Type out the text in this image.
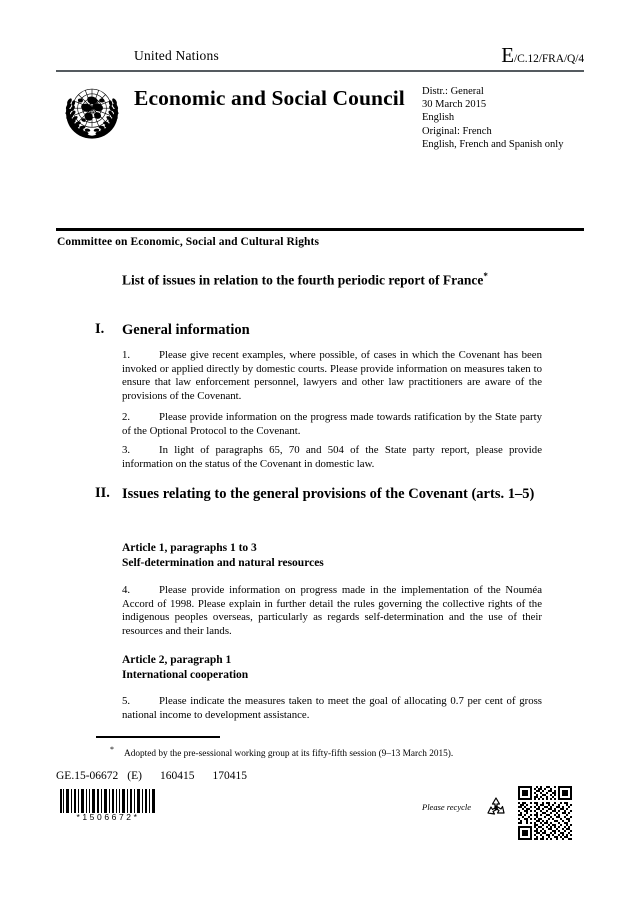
United Nations	E/C.12/FRA/Q/4
Economic and Social Council Distr.: General
30 March 2015
English
Original: French
English, French and Spanish only
Committee on Economic, Social and Cultural Rights
List of issues in relation to the fourth periodic report of France*
I. General information
1.	Please give recent examples, where possible, of cases in which the Covenant has been invoked or applied directly by domestic courts. Please provide information on measures taken to ensure that law enforcement personnel, lawyers and other law practitioners are aware of the provisions of the Covenant.
2.	Please provide information on the progress made towards ratification by the State party of the Optional Protocol to the Covenant.
3.	In light of paragraphs 65, 70 and 504 of the State party report, please provide information on the status of the Covenant in domestic law.
II. Issues relating to the general provisions of the Covenant (arts. 1–5)
Article 1, paragraphs 1 to 3
Self-determination and natural resources
4.	Please provide information on progress made in the implementation of the Nouméa Accord of 1998. Please explain in further detail the rules governing the collective rights of the indigenous peoples overseas, particularly as regards self-determination and the use of their resources and their lands.
Article 2, paragraph 1
International cooperation
5.	Please indicate the measures taken to meet the goal of allocating 0.7 per cent of gross national income to development assistance.
* Adopted by the pre-sessional working group at its fifty-fifth session (9–13 March 2015).
GE.15-06672 (E) 160415 170415
*1506672*
Please recycle
